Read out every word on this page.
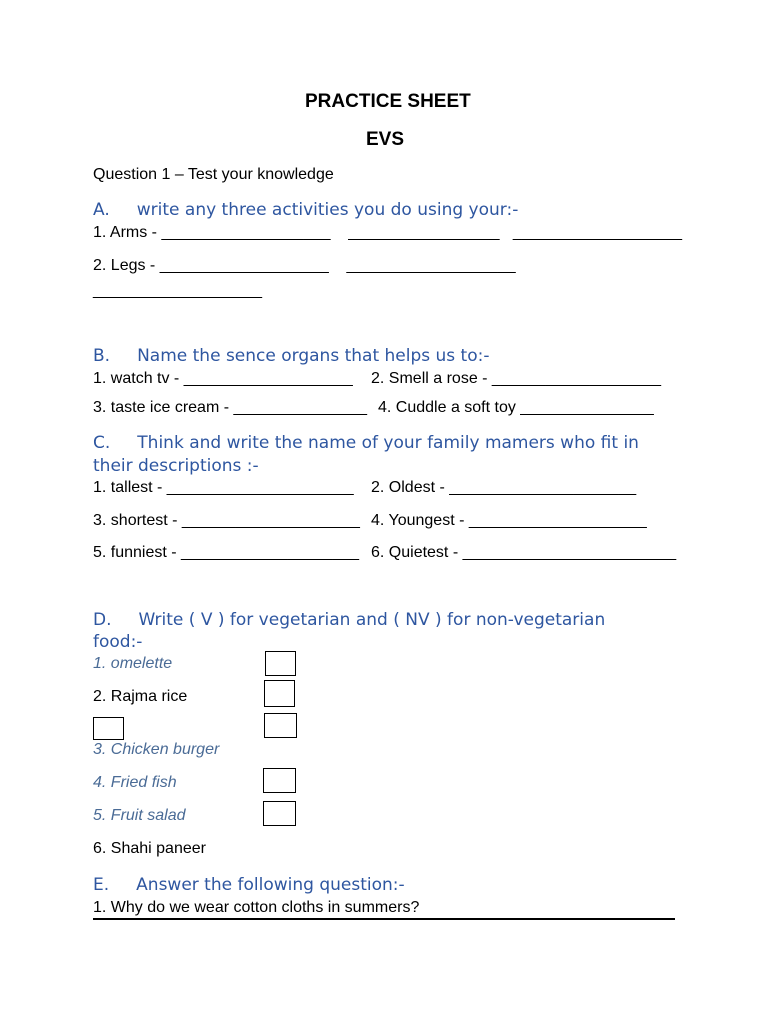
PRACTICE SHEET
EVS
Question 1 – Test your knowledge
A.     write any three activities you do using your:-
1. Arms - ___________________    _________________   ___________________
2. Legs - ___________________    ___________________
___________________
B.     Name the sence organs that helps us to:-
1. watch tv - ___________________ 2. Smell a rose - ___________________
3. taste ice cream - _______________ 4. Cuddle a soft toy _______________
C.     Think and write the name of your family mamers who fit in
their descriptions :-
1. tallest - _____________________ 2. Oldest - _____________________
3. shortest - ____________________ 4. Youngest - ____________________
5. funniest - ____________________ 6. Quietest - ________________________
D.     Write ( V ) for vegetarian and ( NV ) for non-vegetarian
food:-
1. omelette
2. Rajma rice
3. Chicken burger
4. Fried fish
5. Fruit salad
6. Shahi paneer
E.     Answer the following question:-
1. Why do we wear cotton cloths in summers?
